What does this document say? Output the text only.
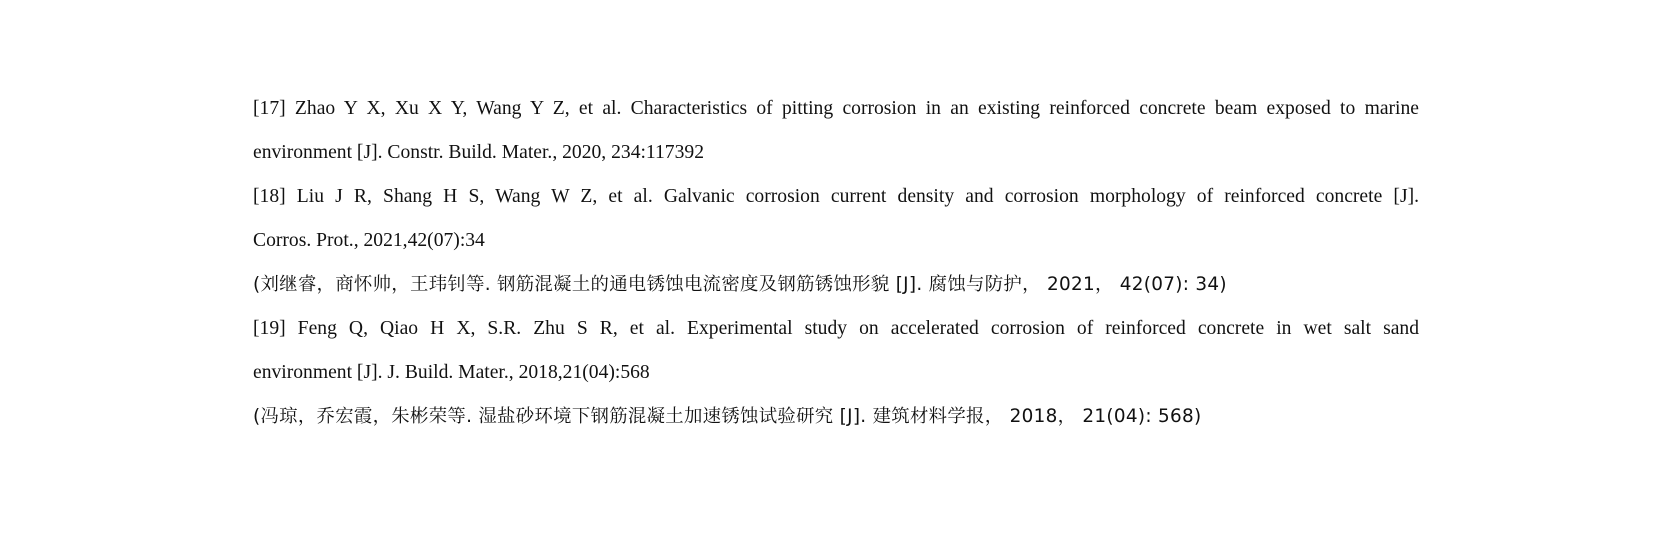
[17] Zhao Y X, Xu X Y, Wang Y Z, et al. Characteristics of pitting corrosion in an existing reinforced concrete beam exposed to marine
environment [J]. Constr. Build. Mater., 2020, 234:117392
[18] Liu J R, Shang H S, Wang W Z, et al. Galvanic corrosion current density and corrosion morphology of reinforced concrete [J].
Corros. Prot., 2021,42(07):34
(刘继睿，商怀帅，王玮钊等. 钢筋混凝土的通电锈蚀电流密度及钢筋锈蚀形貌 [J]. 腐蚀与防护， 2021， 42(07): 34)
[19] Feng Q, Qiao H X, S.R. Zhu S R, et al. Experimental study on accelerated corrosion of reinforced concrete in wet salt sand
environment [J]. J. Build. Mater., 2018,21(04):568
(冯琼，乔宏霞，朱彬荣等. 湿盐砂环境下钢筋混凝土加速锈蚀试验研究 [J]. 建筑材料学报， 2018， 21(04): 568)
